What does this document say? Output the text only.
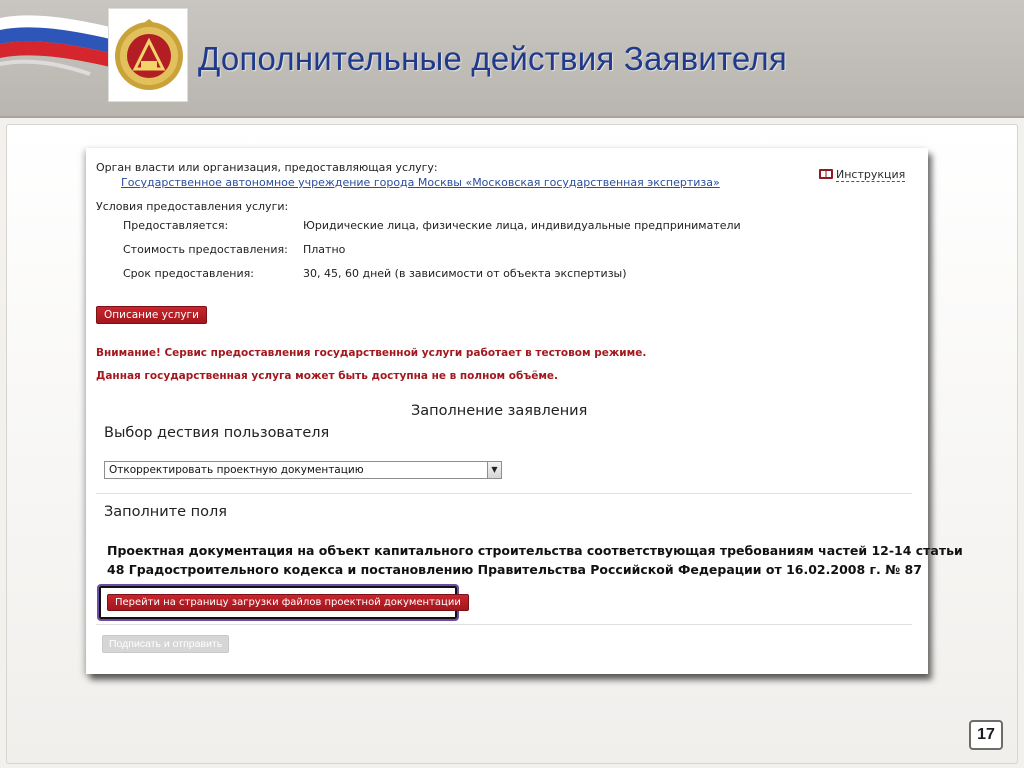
Дополнительные действия Заявителя
Орган власти или организация, предоставляющая услугу:
Государственное автономное учреждение города Москвы «Московская государственная экспертиза»
Инструкция
Условия предоставления услуги:
Предоставляется:	Юридические лица, физические лица, индивидуальные предприниматели
Стоимость предоставления: Платно
Срок предоставления:	30, 45, 60 дней (в зависимости от объекта экспертизы)
Описание услуги
Внимание! Сервис предоставления государственной услуги работает в тестовом режиме.
Данная государственная услуга может быть доступна не в полном объёме.
Заполнение заявления
Выбор дествия пользователя
Откорректировать проектную документацию	▼
Заполните поля
Проектная документация на объект капитального строительства соответствующая требованиям частей 12-14 статьи
48 Градостроительного кодекса и постановлению Правительства Российской Федерации от 16.02.2008 г. № 87
Перейти на страницу загрузки файлов проектной документации
Подписать и отправить
17
